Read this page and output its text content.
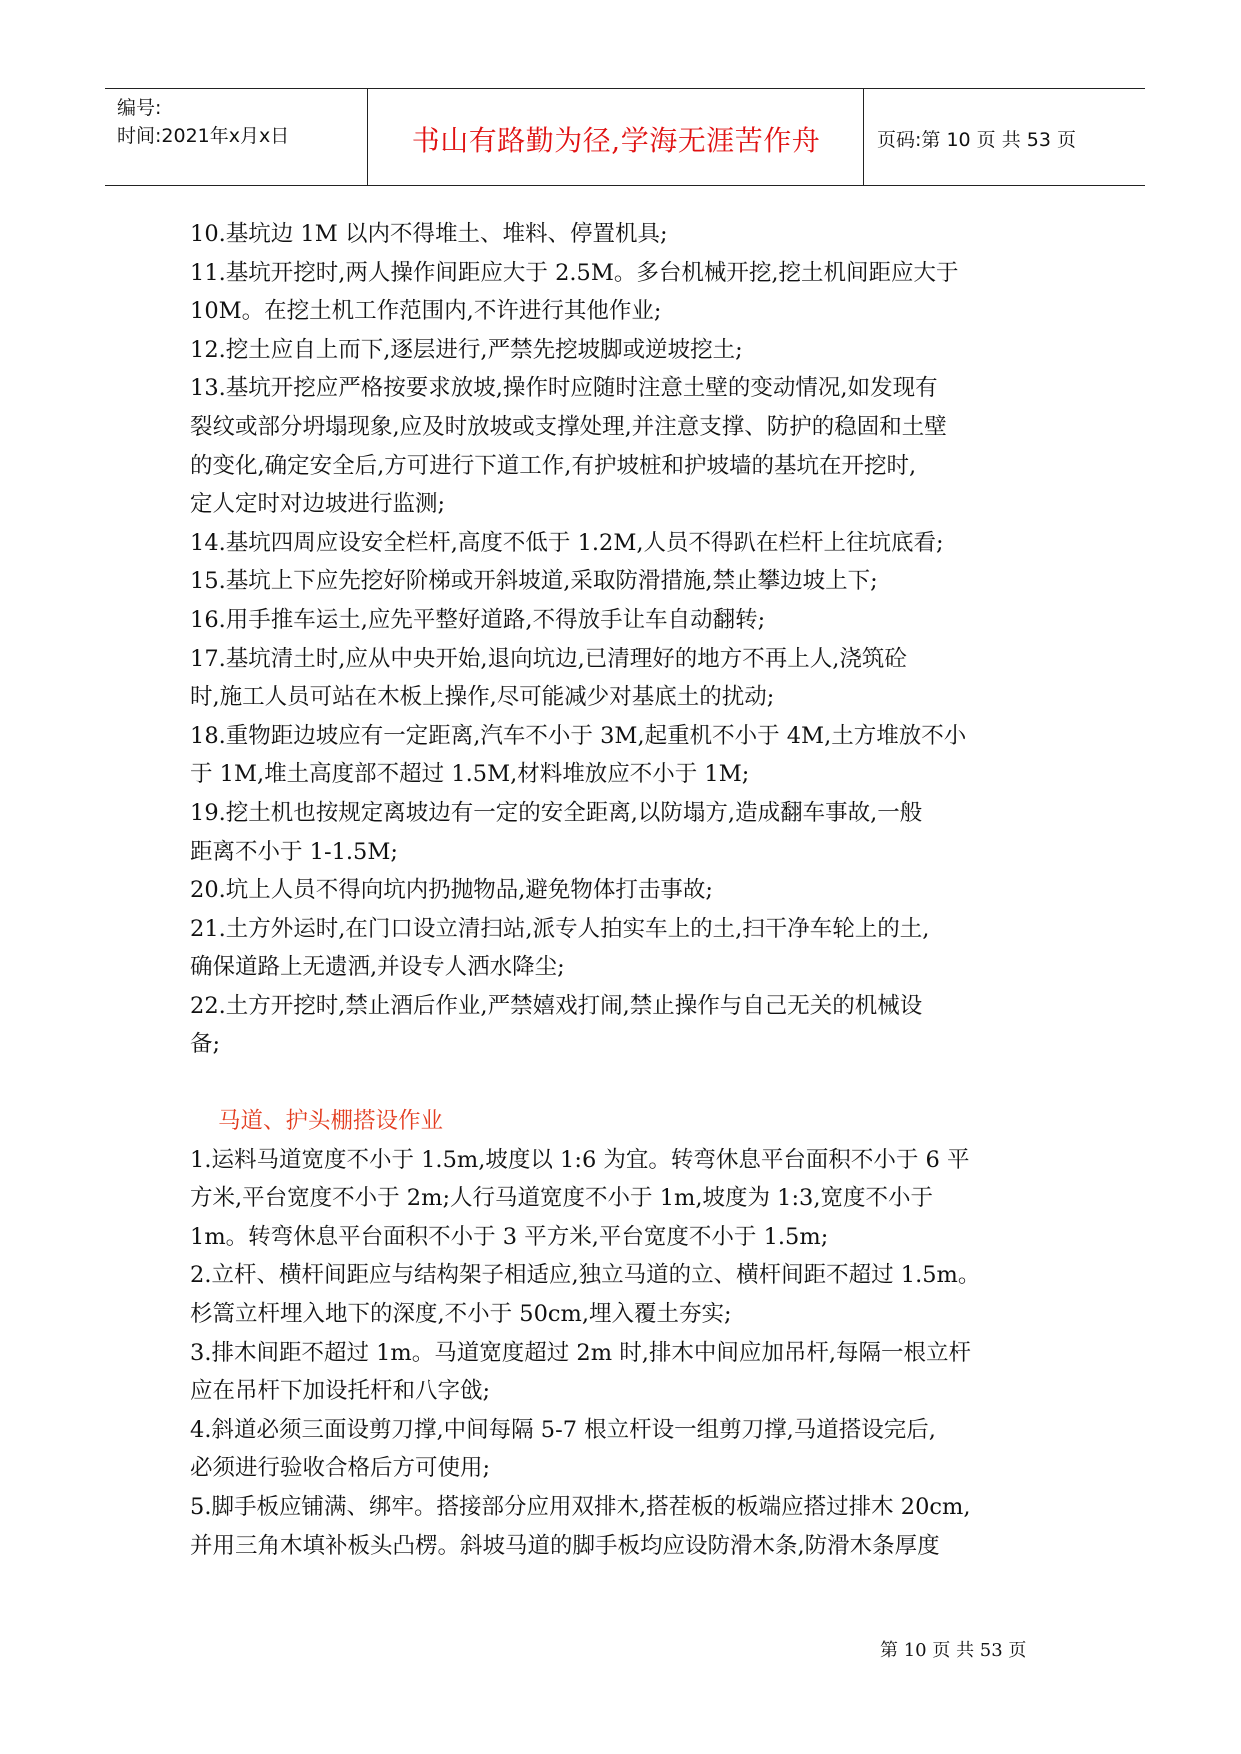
编号:
时间:2021年x月x日	书山有路勤为径,学海无涯苦作舟	页码:第 10 页 共 53 页

10.基坑边 1M 以内不得堆土、堆料、停置机具;

11.基坑开挖时,两人操作间距应大于 2.5M。多台机械开挖,挖土机间距应大于

10M。在挖土机工作范围内,不许进行其他作业;

12.挖土应自上而下,逐层进行,严禁先挖坡脚或逆坡挖土;

13.基坑开挖应严格按要求放坡,操作时应随时注意土壁的变动情况,如发现有

裂纹或部分坍塌现象,应及时放坡或支撑处理,并注意支撑、防护的稳固和土壁

的变化,确定安全后,方可进行下道工作,有护坡桩和护坡墙的基坑在开挖时,

定人定时对边坡进行监测;

14.基坑四周应设安全栏杆,高度不低于 1.2M,人员不得趴在栏杆上往坑底看;

15.基坑上下应先挖好阶梯或开斜坡道,采取防滑措施,禁止攀边坡上下;

16.用手推车运土,应先平整好道路,不得放手让车自动翻转;

17.基坑清土时,应从中央开始,退向坑边,已清理好的地方不再上人,浇筑砼

时,施工人员可站在木板上操作,尽可能减少对基底土的扰动;

18.重物距边坡应有一定距离,汽车不小于 3M,起重机不小于 4M,土方堆放不小

于 1M,堆土高度部不超过 1.5M,材料堆放应不小于 1M;

19.挖土机也按规定离坡边有一定的安全距离,以防塌方,造成翻车事故,一般

距离不小于 1-1.5M;

20.坑上人员不得向坑内扔抛物品,避免物体打击事故;

21.土方外运时,在门口设立清扫站,派专人拍实车上的土,扫干净车轮上的土,

确保道路上无遗洒,并设专人洒水降尘;

22.土方开挖时,禁止酒后作业,严禁嬉戏打闹,禁止操作与自己无关的机械设

备;

马道、护头棚搭设作业

1.运料马道宽度不小于 1.5m,坡度以 1:6 为宜。转弯休息平台面积不小于 6 平

方米,平台宽度不小于 2m;人行马道宽度不小于 1m,坡度为 1:3,宽度不小于

1m。转弯休息平台面积不小于 3 平方米,平台宽度不小于 1.5m;

2.立杆、横杆间距应与结构架子相适应,独立马道的立、横杆间距不超过 1.5m。

杉篙立杆埋入地下的深度,不小于 50cm,埋入覆土夯实;

3.排木间距不超过 1m。马道宽度超过 2m 时,排木中间应加吊杆,每隔一根立杆

应在吊杆下加设托杆和八字戗;

4.斜道必须三面设剪刀撑,中间每隔 5-7 根立杆设一组剪刀撑,马道搭设完后,

必须进行验收合格后方可使用;

5.脚手板应铺满、绑牢。搭接部分应用双排木,搭茬板的板端应搭过排木 20cm,

并用三角木填补板头凸楞。斜坡马道的脚手板均应设防滑木条,防滑木条厚度

第 10 页 共 53 页
